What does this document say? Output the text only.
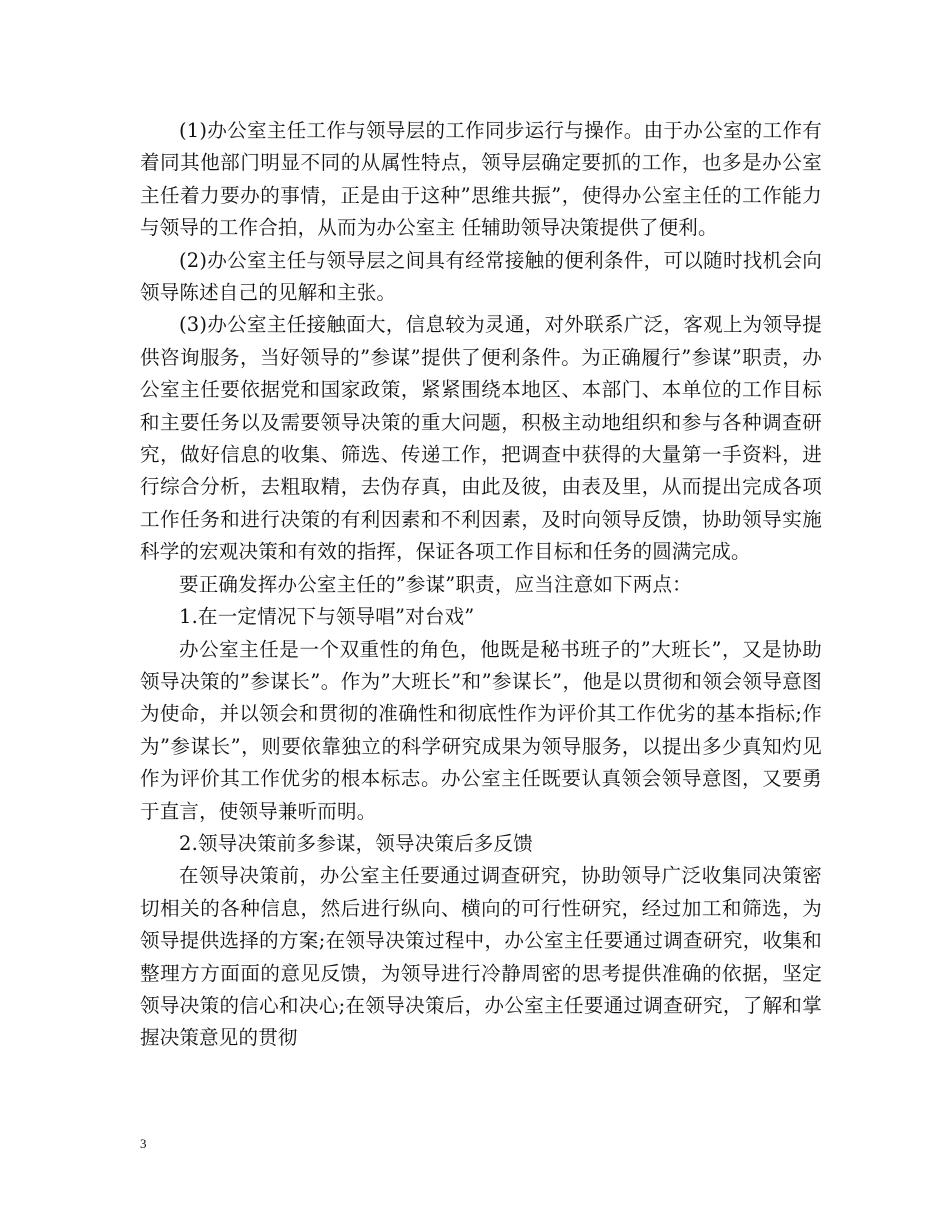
(1)办公室主任工作与领导层的工作同步运行与操作。由于办公室的工作有着同其他部门明显不同的从属性特点，领导层确定要抓的工作，也多是办公室主任着力要办的事情，正是由于这种”思维共振”，使得办公室主任的工作能力与领导的工作合拍，从而为办公室主 任辅助领导决策提供了便利。

(2)办公室主任与领导层之间具有经常接触的便利条件，可以随时找机会向领导陈述自己的见解和主张。

(3)办公室主任接触面大，信息较为灵通，对外联系广泛，客观上为领导提供咨询服务，当好领导的”参谋”提供了便利条件。为正确履行”参谋”职责，办公室主任要依据党和国家政策，紧紧围绕本地区、本部门、本单位的工作目标和主要任务以及需要领导决策的重大问题，积极主动地组织和参与各种调查研究，做好信息的收集、筛选、传递工作，把调查中获得的大量第一手资料，进行综合分析，去粗取精，去伪存真，由此及彼，由表及里，从而提出完成各项工作任务和进行决策的有利因素和不利因素，及时向领导反馈，协助领导实施科学的宏观决策和有效的指挥，保证各项工作目标和任务的圆满完成。

要正确发挥办公室主任的”参谋”职责，应当注意如下两点：

1.在一定情况下与领导唱”对台戏”

办公室主任是一个双重性的角色，他既是秘书班子的”大班长”，又是协助领导决策的”参谋长”。作为”大班长”和”参谋长”，他是以贯彻和领会领导意图为使命，并以领会和贯彻的准确性和彻底性作为评价其工作优劣的基本指标;作为”参谋长”，则要依靠独立的科学研究成果为领导服务，以提出多少真知灼见作为评价其工作优劣的根本标志。办公室主任既要认真领会领导意图，又要勇于直言，使领导兼听而明。

2.领导决策前多参谋，领导决策后多反馈

在领导决策前，办公室主任要通过调查研究，协助领导广泛收集同决策密切相关的各种信息，然后进行纵向、横向的可行性研究，经过加工和筛选，为领导提供选择的方案;在领导决策过程中，办公室主任要通过调查研究，收集和整理方方面面的意见反馈，为领导进行冷静周密的思考提供准确的依据，坚定领导决策的信心和决心;在领导决策后，办公室主任要通过调查研究，了解和掌握决策意见的贯彻

3
